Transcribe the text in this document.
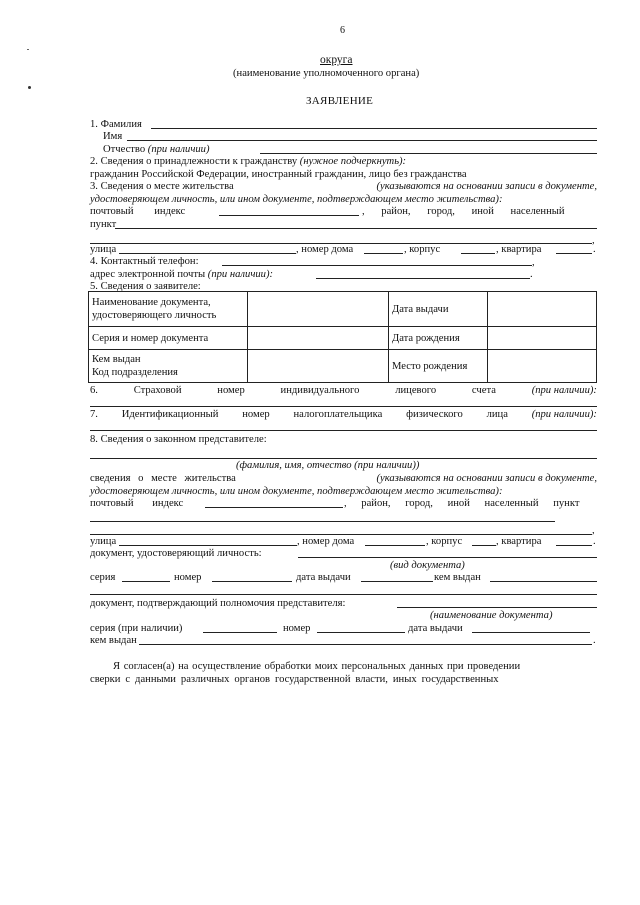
6
округа
(наименование уполномоченного органа)
ЗАЯВЛЕНИЕ
1. Фамилия
Имя
Отчество (при наличии)
2. Сведения о принадлежности к гражданству (нужное подчеркнуть):
гражданин Российской Федерации, иностранный гражданин, лицо без гражданства
3. Сведения о месте жительства	(указываются на основании записи в документе,
удостоверяющем личность, или ином документе, подтверждающем место жительства):
почтовый индекс	, район, город, иной населенный
пункт
,
улица	, номер дома	, корпус	, квартира	.
4. Контактный телефон:	,
адрес электронной почты (при наличии):	.
5. Сведения о заявителе:
Наименование документа, удостоверяющего личность		Дата выдачи	
Серия и номер документа		Дата рождения	

Кем выдан
Код подразделения		Место рождения	
6.	Страховой	номер	индивидуального	лицевого	счета	(при наличии):
7. Идентификационный номер налогоплательщика физического лица (при наличии):
8. Сведения о законном представителе:
(фамилия, имя, отчество (при наличии))
сведения о месте жительства	(указываются на основании записи в документе,
удостоверяющем личность, или ином документе, подтверждающем место жительства):
почтовый индекс	, район, город, иной населенный пункт
,
улица	, номер дома	, корпус	, квартира	.
документ, удостоверяющий личность:
(вид документа)
серия	номер	дата выдачи	кем выдан
документ, подтверждающий полномочия представителя:
(наименование документа)
серия (при наличии)	номер	дата выдачи
кем выдан	.
Я согласен(а) на осуществление обработки моих персональных данных при проведении
сверки с данными различных органов государственной власти, иных государственных
